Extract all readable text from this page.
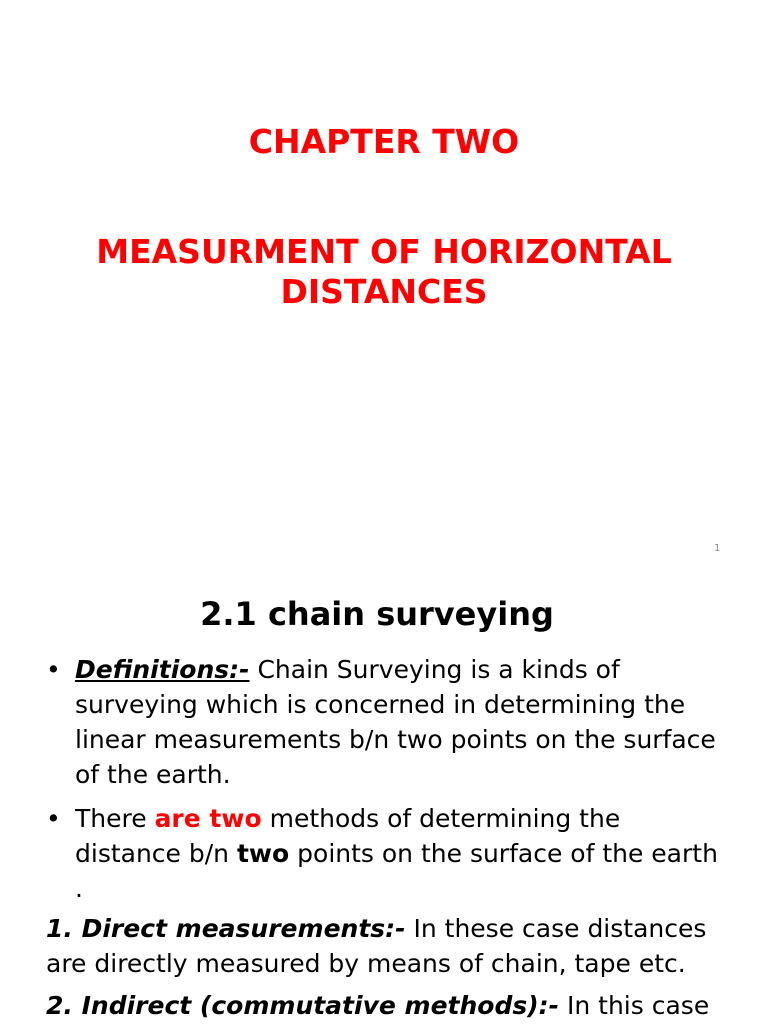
CHAPTER TWO
MEASURMENT OF HORIZONTAL
DISTANCES
1
2.1 chain surveying
• Definitions:- Chain Surveying is a kinds of surveying which is concerned in determining the linear measurements b/n two points on the surface of the earth.
• There are two methods of determining the distance b/n two points on the surface of the earth .
1. Direct measurements:- In these case distances are directly measured by means of chain, tape etc.
2. Indirect (commutative methods):- In this case
